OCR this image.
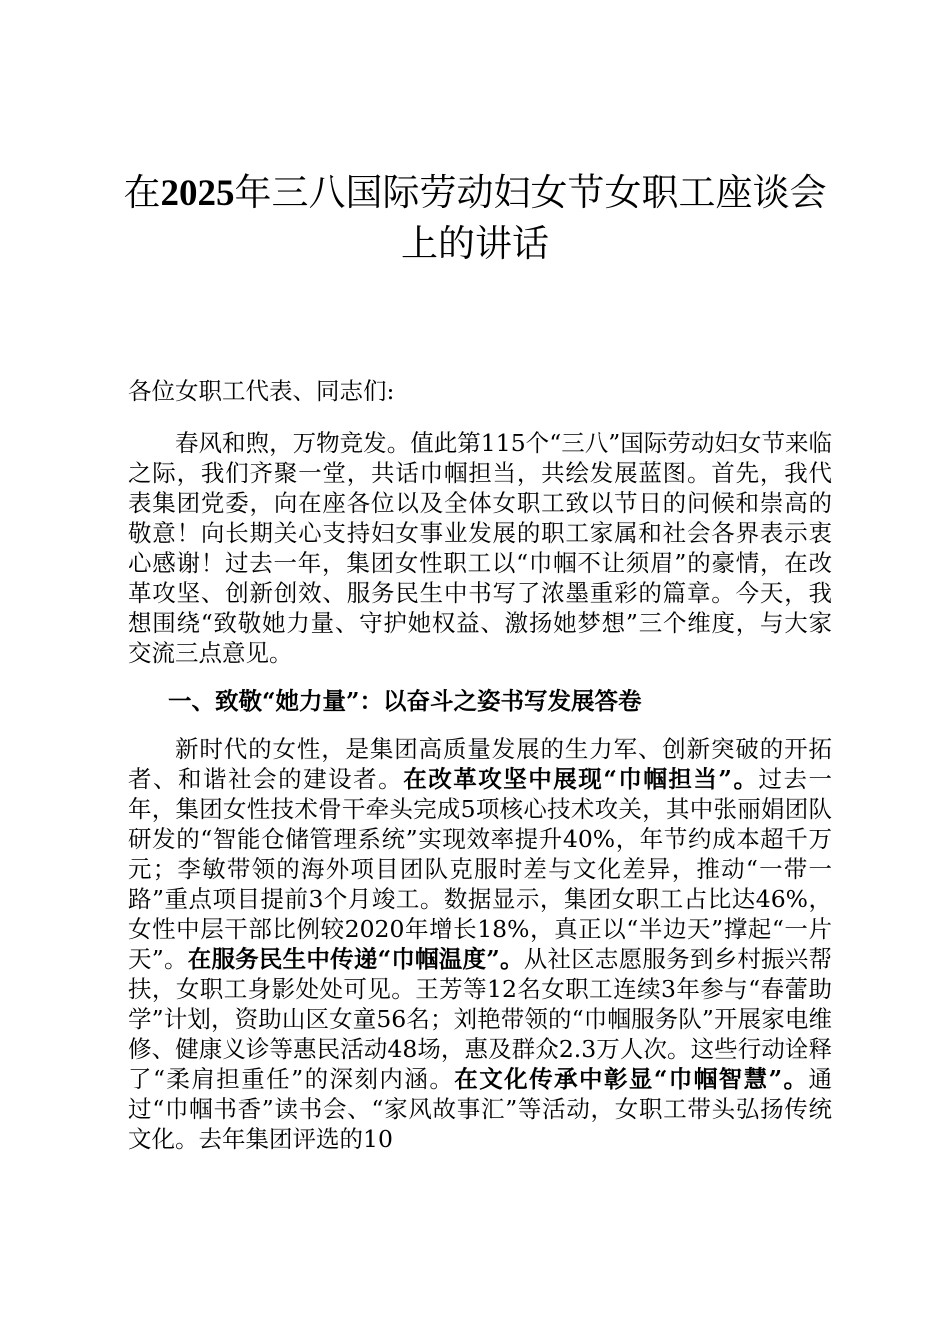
在2025年三八国际劳动妇女节女职工座谈会
上的讲话

各位女职工代表、同志们:

春风和煦，万物竞发。值此第115个“三八”国际劳动妇女节来临之际，我们齐聚一堂，共话巾帼担当，共绘发展蓝图。首先，我代表集团党委，向在座各位以及全体女职工致以节日的问候和崇高的敬意！向长期关心支持妇女事业发展的职工家属和社会各界表示衷心感谢！过去一年，集团女性职工以“巾帼不让须眉”的豪情，在改革攻坚、创新创效、服务民生中书写了浓墨重彩的篇章。今天，我想围绕“致敬她力量、守护她权益、激扬她梦想”三个维度，与大家交流三点意见。

一、致敬“她力量”：以奋斗之姿书写发展答卷

新时代的女性，是集团高质量发展的生力军、创新突破的开拓者、和谐社会的建设者。在改革攻坚中展现“巾帼担当”。过去一年，集团女性技术骨干牵头完成5项核心技术攻关，其中张丽娟团队研发的“智能仓储管理系统”实现效率提升40%，年节约成本超千万元；李敏带领的海外项目团队克服时差与文化差异，推动“一带一路”重点项目提前3个月竣工。数据显示，集团女职工占比达46%，女性中层干部比例较2020年增长18%，真正以“半边天”撑起“一片天”。在服务民生中传递“巾帼温度”。从社区志愿服务到乡村振兴帮扶，女职工身影处处可见。王芳等12名女职工连续3年参与“春蕾助学”计划，资助山区女童56名；刘艳带领的“巾帼服务队”开展家电维修、健康义诊等惠民活动48场，惠及群众2.3万人次。这些行动诠释了“柔肩担重任”的深刻内涵。在文化传承中彰显“巾帼智慧”。通过“巾帼书香”读书会、“家风故事汇”等活动，女职工带头弘扬传统文化。去年集团评选的10
